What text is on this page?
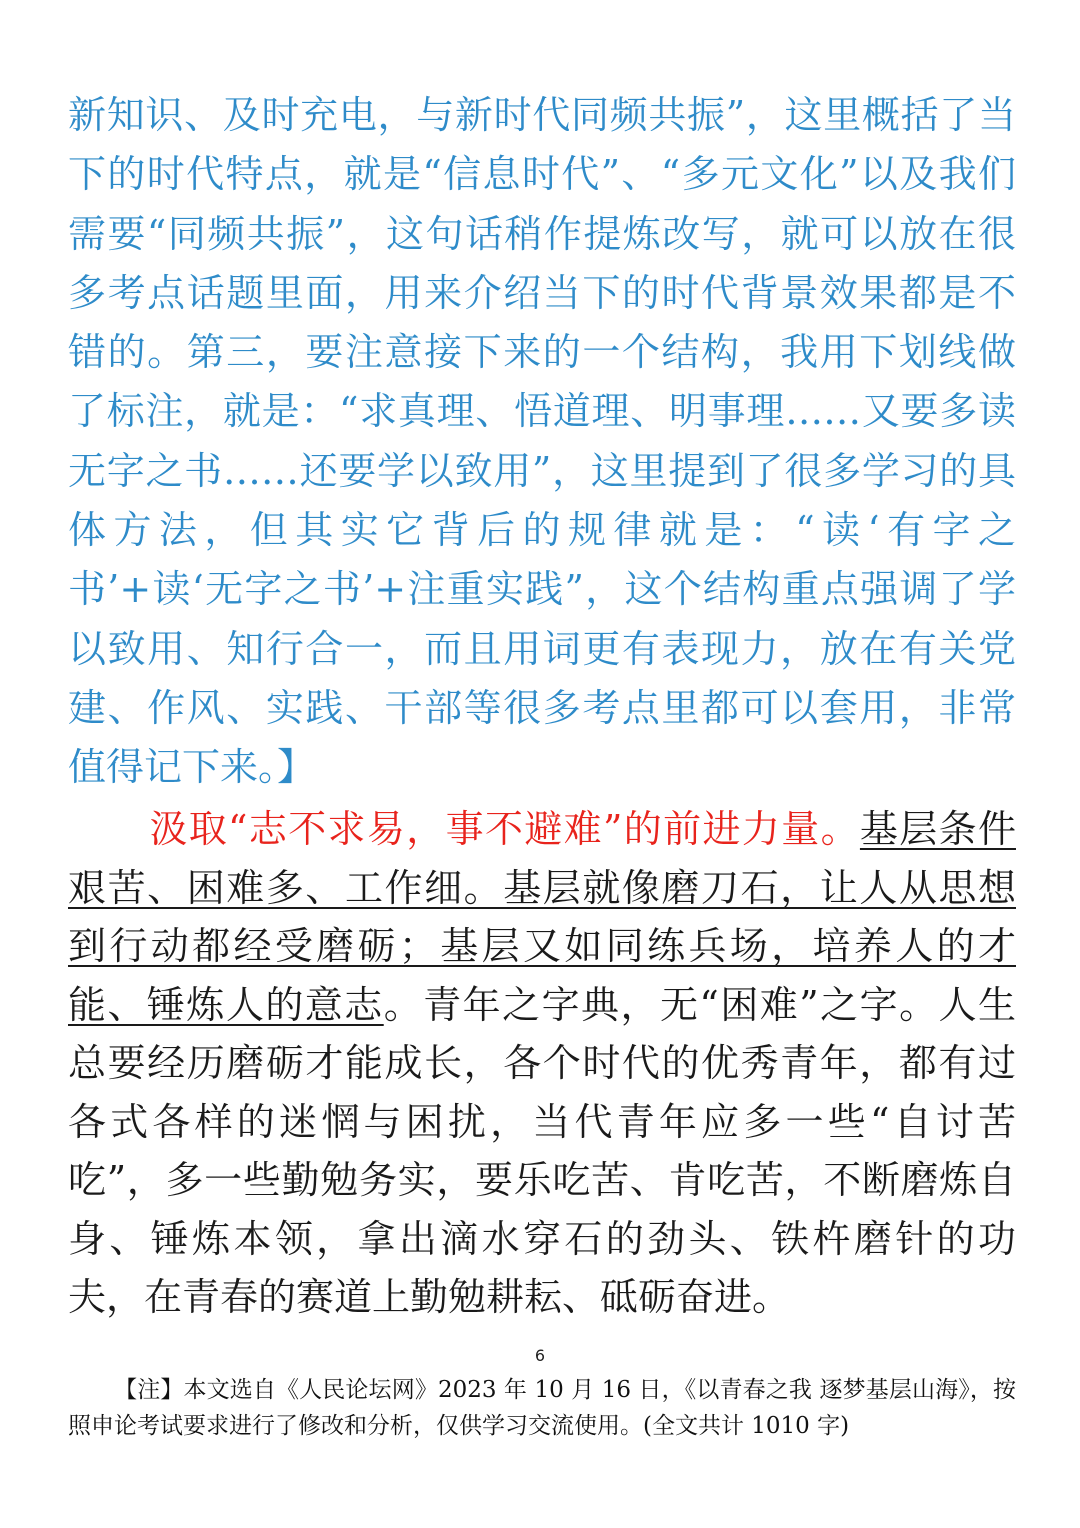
新知识、及时充电，与新时代同频共振”，这里概括了当下的时代特点，就是“信息时代”、“多元文化”以及我们需要“同频共振”，这句话稍作提炼改写，就可以放在很多考点话题里面，用来介绍当下的时代背景效果都是不错的。第三，要注意接下来的一个结构，我用下划线做了标注，就是：“求真理、悟道理、明事理……又要多读无字之书……还要学以致用”，这里提到了很多学习的具体方法，但其实它背后的规律就是：“读‘有字之书’+读‘无字之书’+注重实践”，这个结构重点强调了学以致用、知行合一，而且用词更有表现力，放在有关党建、作风、实践、干部等很多考点里都可以套用，非常值得记下来。】
汲取“志不求易，事不避难”的前进力量。基层条件艰苦、困难多、工作细。基层就像磨刀石，让人从思想到行动都经受磨砺；基层又如同练兵场，培养人的才能、锤炼人的意志。青年之字典，无“困难”之字。人生总要经历磨砺才能成长，各个时代的优秀青年，都有过各式各样的迷惘与困扰，当代青年应多一些“自讨苦吃”，多一些勤勉务实，要乐吃苦、肯吃苦，不断磨炼自身、锤炼本领，拿出滴水穿石的劲头、铁杵磨针的功夫，在青春的赛道上勤勉耕耘、砥砺奋进。
6
【注】本文选自《人民论坛网》2023 年 10 月 16 日，《以青春之我 逐梦基层山海》，按照申论考试要求进行了修改和分析，仅供学习交流使用。(全文共计 1010 字)
